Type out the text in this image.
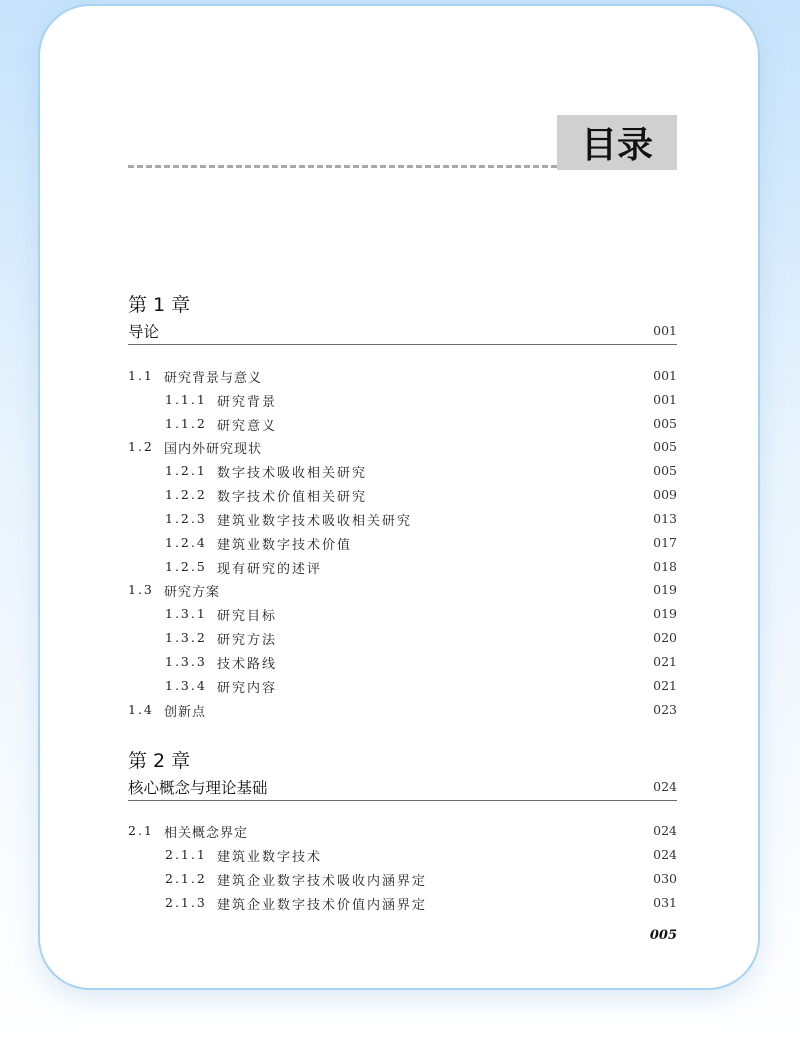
目录
第 1 章
导论	001
1.1 研究背景与意义	001
1.1.1 研究背景	001
1.1.2 研究意义	005
1.2 国内外研究现状	005
1.2.1 数字技术吸收相关研究	005
1.2.2 数字技术价值相关研究	009
1.2.3 建筑业数字技术吸收相关研究	013
1.2.4 建筑业数字技术价值	017
1.2.5 现有研究的述评	018
1.3 研究方案	019
1.3.1 研究目标	019
1.3.2 研究方法	020
1.3.3 技术路线	021
1.3.4 研究内容	021
1.4 创新点	023
第 2 章
核心概念与理论基础	024
2.1 相关概念界定	024
2.1.1 建筑业数字技术	024
2.1.2 建筑企业数字技术吸收内涵界定	030
2.1.3 建筑企业数字技术价值内涵界定	031
005
